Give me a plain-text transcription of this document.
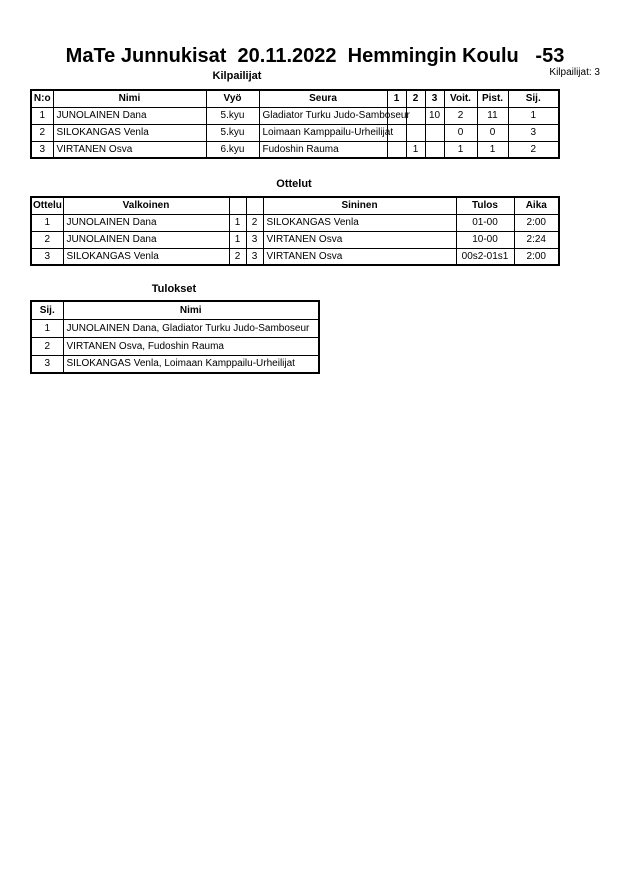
MaTe Junnukisat  20.11.2022  Hemmingin Koulu   -53
Kilpailijat: 3
Kilpailijat
N:o	Nimi	Vyö	Seura	1	2	3	Voit.	Pist.	Sij.
1	JUNOLAINEN Dana	5.kyu	Gladiator Turku Judo-Samboseur			10	2	11	1
2	SILOKANGAS Venla	5.kyu	Loimaan Kamppailu-Urheilijat				0	0	3
3	VIRTANEN Osva	6.kyu	Fudoshin Rauma		1		1	1	2
Ottelut
Ottelu	Valkoinen			Sininen	Tulos	Aika
1	JUNOLAINEN Dana	1	2	SILOKANGAS Venla	01-00	2:00
2	JUNOLAINEN Dana	1	3	VIRTANEN Osva	10-00	2:24
3	SILOKANGAS Venla	2	3	VIRTANEN Osva	00s2-01s1	2:00
Tulokset
Sij.	Nimi
1	JUNOLAINEN Dana, Gladiator Turku Judo-Samboseur
2	VIRTANEN Osva, Fudoshin Rauma
3	SILOKANGAS Venla, Loimaan Kamppailu-Urheilijat
